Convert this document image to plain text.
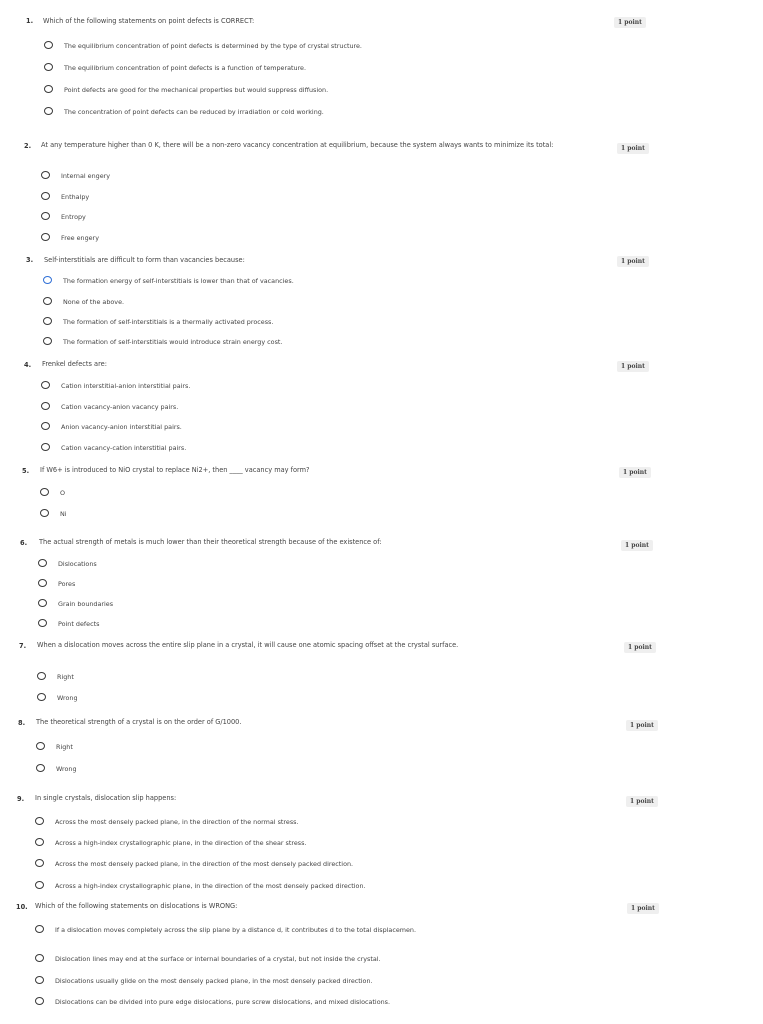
1. Which of the following statements on point defects is CORRECT:	1 point
The equilibrium concentration of point defects is determined by the type of crystal structure.
The equilibrium concentration of point defects is a function of temperature.
Point defects are good for the mechanical properties but would suppress diffusion.
The concentration of point defects can be reduced by irradiation or cold working.
2. At any temperature higher than 0 K, there will be a non-zero vacancy concentration at equilibrium, because the system always wants to minimize its total:	1 point
Internal engery
Enthalpy
Entropy
Free engery
3. Self-interstitials are difficult to form than vacancies because:	1 point
The formation energy of self-interstitials is lower than that of vacancies.
None of the above.
The formation of self-interstitials is a thermally activated process.
The formation of self-interstitials would introduce strain energy cost.
4. Frenkel defects are:	1 point
Cation interstitial-anion interstitial pairs.
Cation vacancy-anion vacancy pairs.
Anion vacancy-anion interstitial pairs.
Cation vacancy-cation interstitial pairs.
5. If W6+ is introduced to NiO crystal to replace Ni2+, then ____ vacancy may form?	1 point
O
Ni
6. The actual strength of metals is much lower than their theoretical strength because of the existence of:	1 point
Dislocations
Pores
Grain boundaries
Point defects
7. When a dislocation moves across the entire slip plane in a crystal, it will cause one atomic spacing offset at the crystal surface.	1 point
Right
Wrong
8. The theoretical strength of a crystal is on the order of G/1000.	1 point
Right
Wrong
9. In single crystals, dislocation slip happens:	1 point
Across the most densely packed plane, in the direction of the normal stress.
Across a high-index crystallographic plane, in the direction of the shear stress.
Across the most densely packed plane, in the direction of the most densely packed direction.
Across a high-index crystallographic plane, in the direction of the most densely packed direction.
10. Which of the following statements on dislocations is WRONG:	1 point
If a dislocation moves completely across the slip plane by a distance d, it contributes d to the total displacemen.
Dislocation lines may end at the surface or internal boundaries of a crystal, but not inside the crystal.
Dislocations usually glide on the most densely packed plane, in the most densely packed direction.
Dislocations can be divided into pure edge dislocations, pure screw dislocations, and mixed dislocations.
